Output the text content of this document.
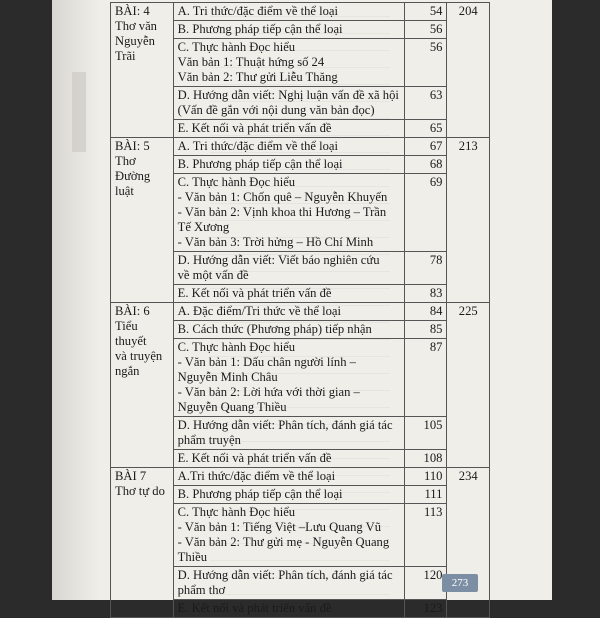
BÀI: 4
Thơ văn
Nguyễn
Trãi	A. Tri thức/đặc điểm về thể loại	54	204

	B. Phương pháp tiếp cận thể loại	56	

	C. Thực hành Đọc hiểu
Văn bản 1: Thuật hứng số 24
Văn bản 2: Thư gửi Liễu Thăng	56	

	D. Hướng dẫn viết: Nghị luận vấn đề xã hội
(Vấn đề gắn với nội dung văn bản đọc)	63	

	E. Kết nối và phát triển vấn đề	65	

BÀI: 5
Thơ Đường
luật	A. Tri thức/đặc điểm về thể loại	67	213

	B. Phương pháp tiếp cận thể loại	68	

	C. Thực hành Đọc hiểu
- Văn bản 1: Chốn quê – Nguyễn Khuyến
- Văn bản 2: Vịnh khoa thi Hương – Trần Tế Xương
- Văn bản 3: Trời hửng – Hồ Chí Minh	69	

	D. Hướng dẫn viết: Viết báo nghiên cứu
về một vấn đề	78	

	E. Kết nối và phát triển vấn đề	83	

BÀI: 6
Tiểu thuyết
và truyện
ngắn	A. Đặc điểm/Tri thức về thể loại	84	225

	B. Cách thức (Phương pháp) tiếp nhận	85	

	C. Thực hành Đọc hiểu
- Văn bản 1: Dấu chân người lính –
Nguyễn Minh Châu
- Văn bản 2: Lời hứa với thời gian –
Nguyễn Quang Thiều	87	

	D. Hướng dẫn viết: Phân tích, đánh giá tác
phẩm truyện	105	

	E. Kết nối và phát triển vấn đề	108	

BÀI 7
Thơ tự do	A.Tri thức/đặc điểm về thể loại	110	234

	B. Phương pháp tiếp cận thể loại	111	

	C. Thực hành Đọc hiểu
- Văn bản 1: Tiếng Việt –Lưu Quang Vũ
- Văn bản 2: Thư gửi mẹ - Nguyễn Quang Thiều	113	

	D. Hướng dẫn viết: Phân tích, đánh giá tác
phẩm thơ	120	

	E. Kết nối và phát triển vấn đề	123	
273
